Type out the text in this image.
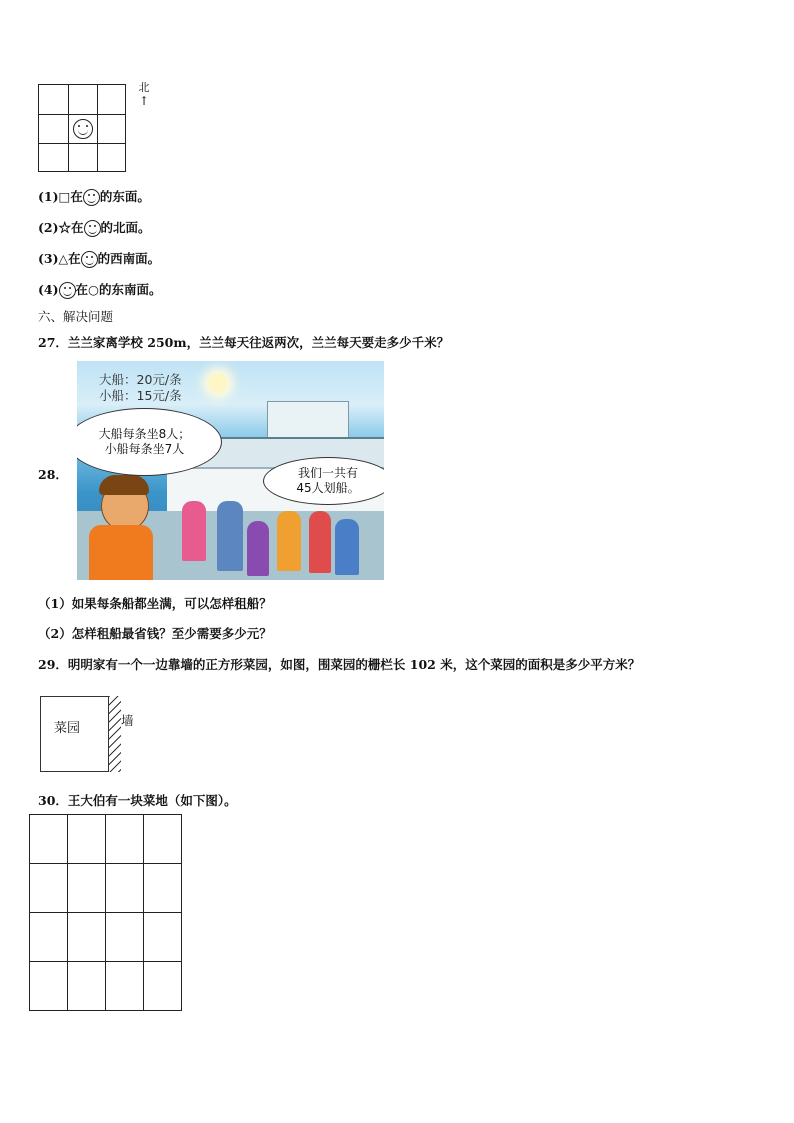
北
↑
(1)□在 的东面。
(2)☆在 的北面。
(3)△在 的西南面。
(4) 在○的东南面。
六、解决问题
27．兰兰家离学校 250m，兰兰每天往返两次，兰兰每天要走多少千米？
28．
大船：20元/条
小船：15元/条
大船每条坐8人；
小船每条坐7人
我们一共有
45人划船。
（1）如果每条船都坐满，可以怎样租船？
（2）怎样租船最省钱？至少需要多少元？
29．明明家有一个一边靠墙的正方形菜园，如图，围菜园的栅栏长 102 米，这个菜园的面积是多少平方米？
菜园
墙
30．王大伯有一块菜地（如下图）。
